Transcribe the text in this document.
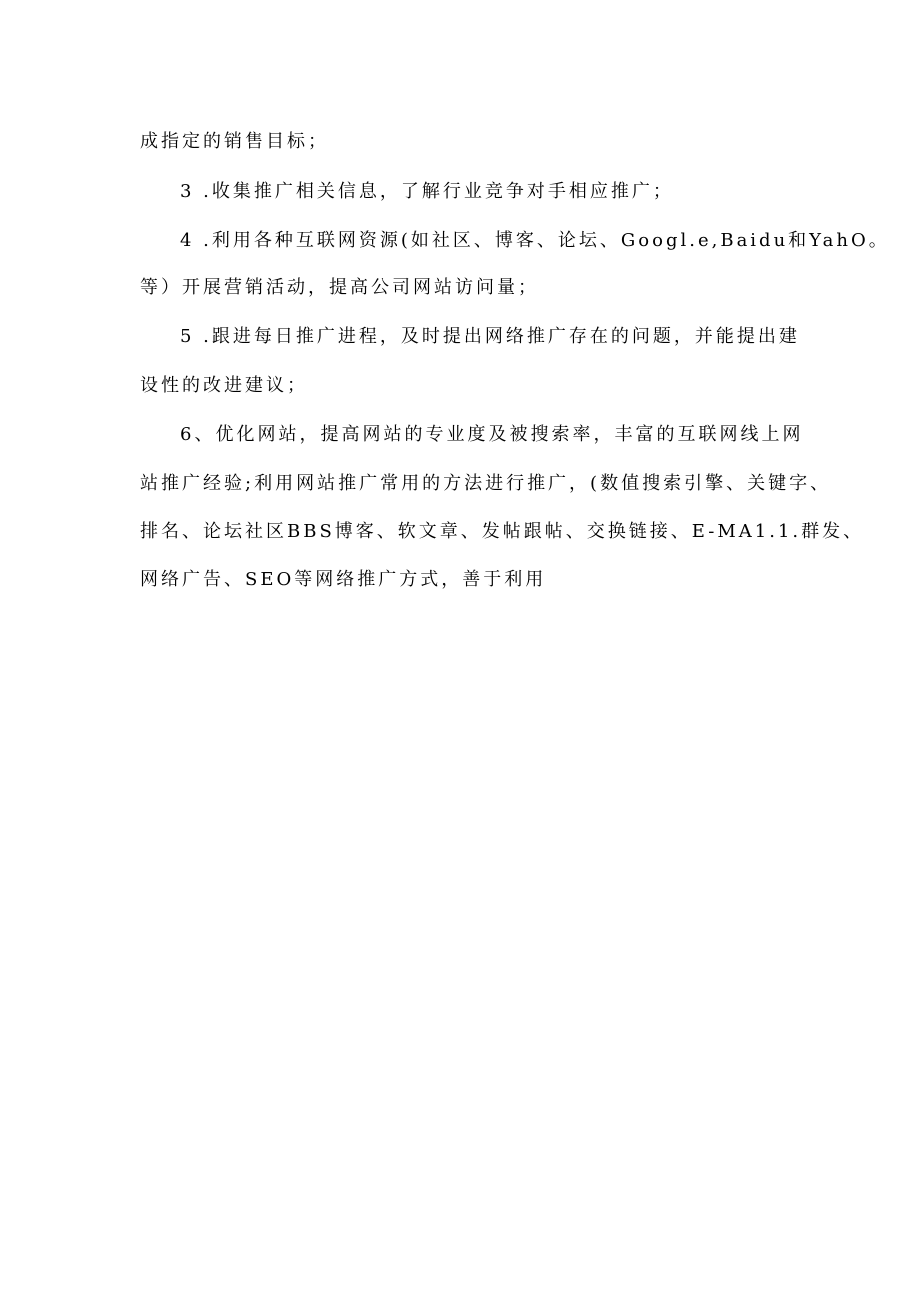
成指定的销售目标；
3 .收集推广相关信息，了解行业竞争对手相应推广；
4 .利用各种互联网资源(如社区、博客、论坛、Googl.e,Baidu和YahO。
等）开展营销活动，提高公司网站访问量；
5 .跟进每日推广进程，及时提出网络推广存在的问题，并能提出建
设性的改进建议；
6、优化网站，提高网站的专业度及被搜索率，丰富的互联网线上网
站推广经验;利用网站推广常用的方法进行推广，(数值搜索引擎、关键字、
排名、论坛社区BBS博客、软文章、发帖跟帖、交换链接、E-MA1.1.群发、
网络广告、SEO等网络推广方式，善于利用
